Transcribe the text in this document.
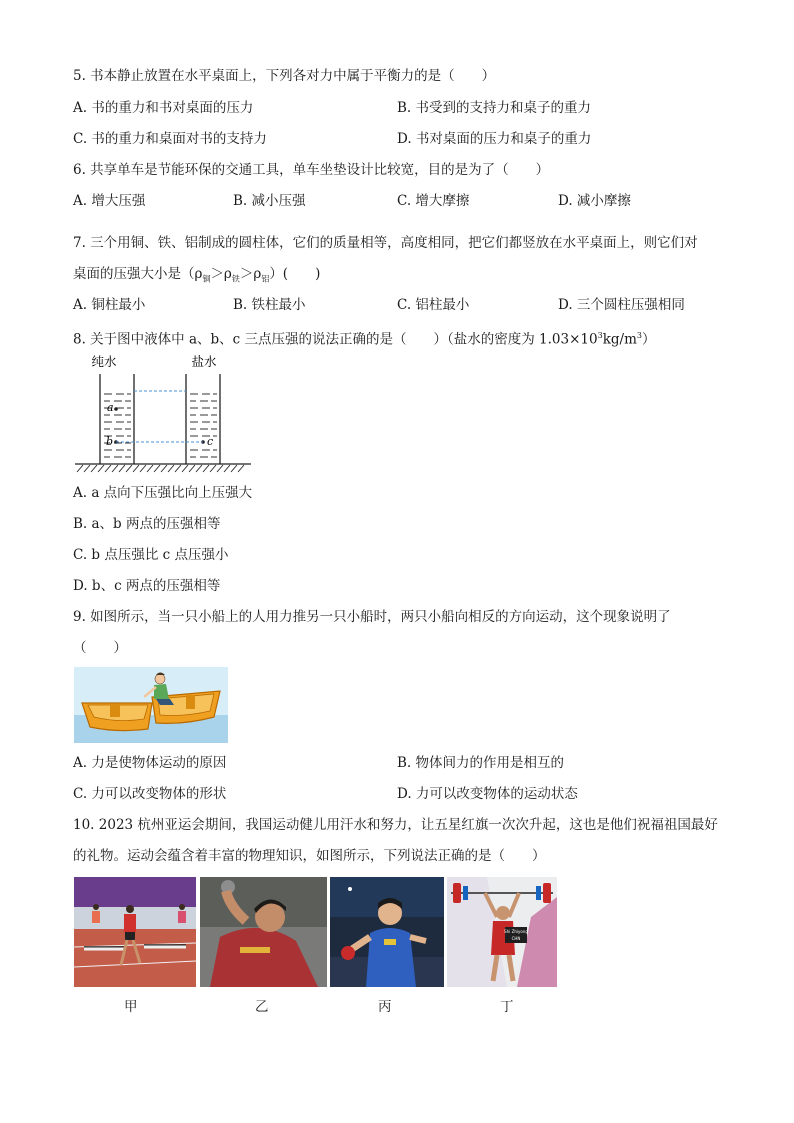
5. 书本静止放置在水平桌面上，下列各对力中属于平衡力的是（　　）
A. 书的重力和书对桌面的压力	B. 书受到的支持力和桌子的重力
C. 书的重力和桌面对书的支持力	D. 书对桌面的压力和桌子的重力
6. 共享单车是节能环保的交通工具，单车坐垫设计比较宽，目的是为了（　　）
A. 增大压强	B. 减小压强	C. 增大摩擦	D. 减小摩擦
7. 三个用铜、铁、铝制成的圆柱体，它们的质量相等，高度相同，把它们都竖放在水平桌面上，则它们对
桌面的压强大小是$(\rho_铜>\rho_铁>\rho_铝)$(　　)
A. 铜柱最小	B. 铁柱最小	C. 铝柱最小	D. 三个圆柱压强相同
8. 关于图中液体中 a、b、c 三点压强的说法正确的是（　　）（盐水的密度为 $1.03\times 10^3kg/m^3$）
纯水	盐水
a
b	c
A. a 点向下压强比向上压强大
B. a、b 两点的压强相等
C. b 点压强比 c 点压强小
D. b、c 两点的压强相等
9. 如图所示，当一只小船上的人用力推另一只小船时，两只小船向相反的方向运动，这个现象说明了
（　　）
A. 力是使物体运动的原因	B. 物体间力的作用是相互的
C. 力可以改变物体的形状	D. 力可以改变物体的运动状态
10. 2023 杭州亚运会期间，我国运动健儿用汗水和努力，让五星红旗一次次升起，这也是他们祝福祖国最好
的礼物。运动会蕴含着丰富的物理知识，如图所示，下列说法正确的是（　　）
Shi Zhiyong
CHN
甲	乙	丙	丁
